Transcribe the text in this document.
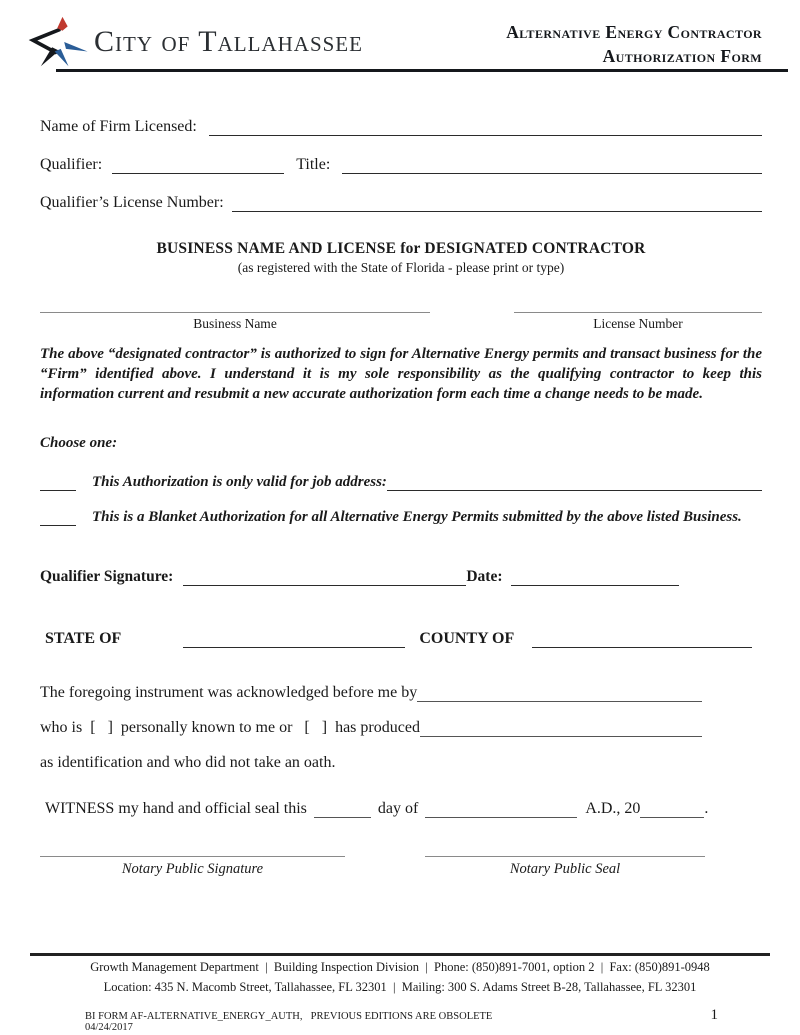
City of Tallahassee	Alternative Energy Contractor
Authorization Form
Name of Firm Licensed:
Qualifier:	Title:
Qualifier’s License Number:
BUSINESS NAME AND LICENSE for DESIGNATED CONTRACTOR
(as registered with the State of Florida - please print or type)
Business Name	License Number
The above “designated contractor” is authorized to sign for Alternative Energy permits and transact business for the “Firm” identified above. I understand it is my sole responsibility as the qualifying contractor to keep this information current and resubmit a new accurate authorization form each time a change needs to be made.
Choose one:
This Authorization is only valid for job address:
This is a Blanket Authorization for all Alternative Energy Permits submitted by the above listed Business.
Qualifier Signature:	Date:
STATE OF	COUNTY OF
The foregoing instrument was acknowledged before me by
who is [   ] personally known to me or [   ] has produced
as identification and who did not take an oath.
WITNESS my hand and official seal this	day of	A.D., 20	.
Notary Public Signature	Notary Public Seal
Growth Management Department  |  Building Inspection Division  |  Phone: (850)891-7001, option 2  |  Fax: (850)891-0948
Location: 435 N. Macomb Street, Tallahassee, FL 32301  |  Mailing: 300 S. Adams Street B-28, Tallahassee, FL 32301
BI FORM AF-ALTERNATIVE_ENERGY_AUTH, 04/24/2017
PREVIOUS EDITIONS ARE OBSOLETE	1
